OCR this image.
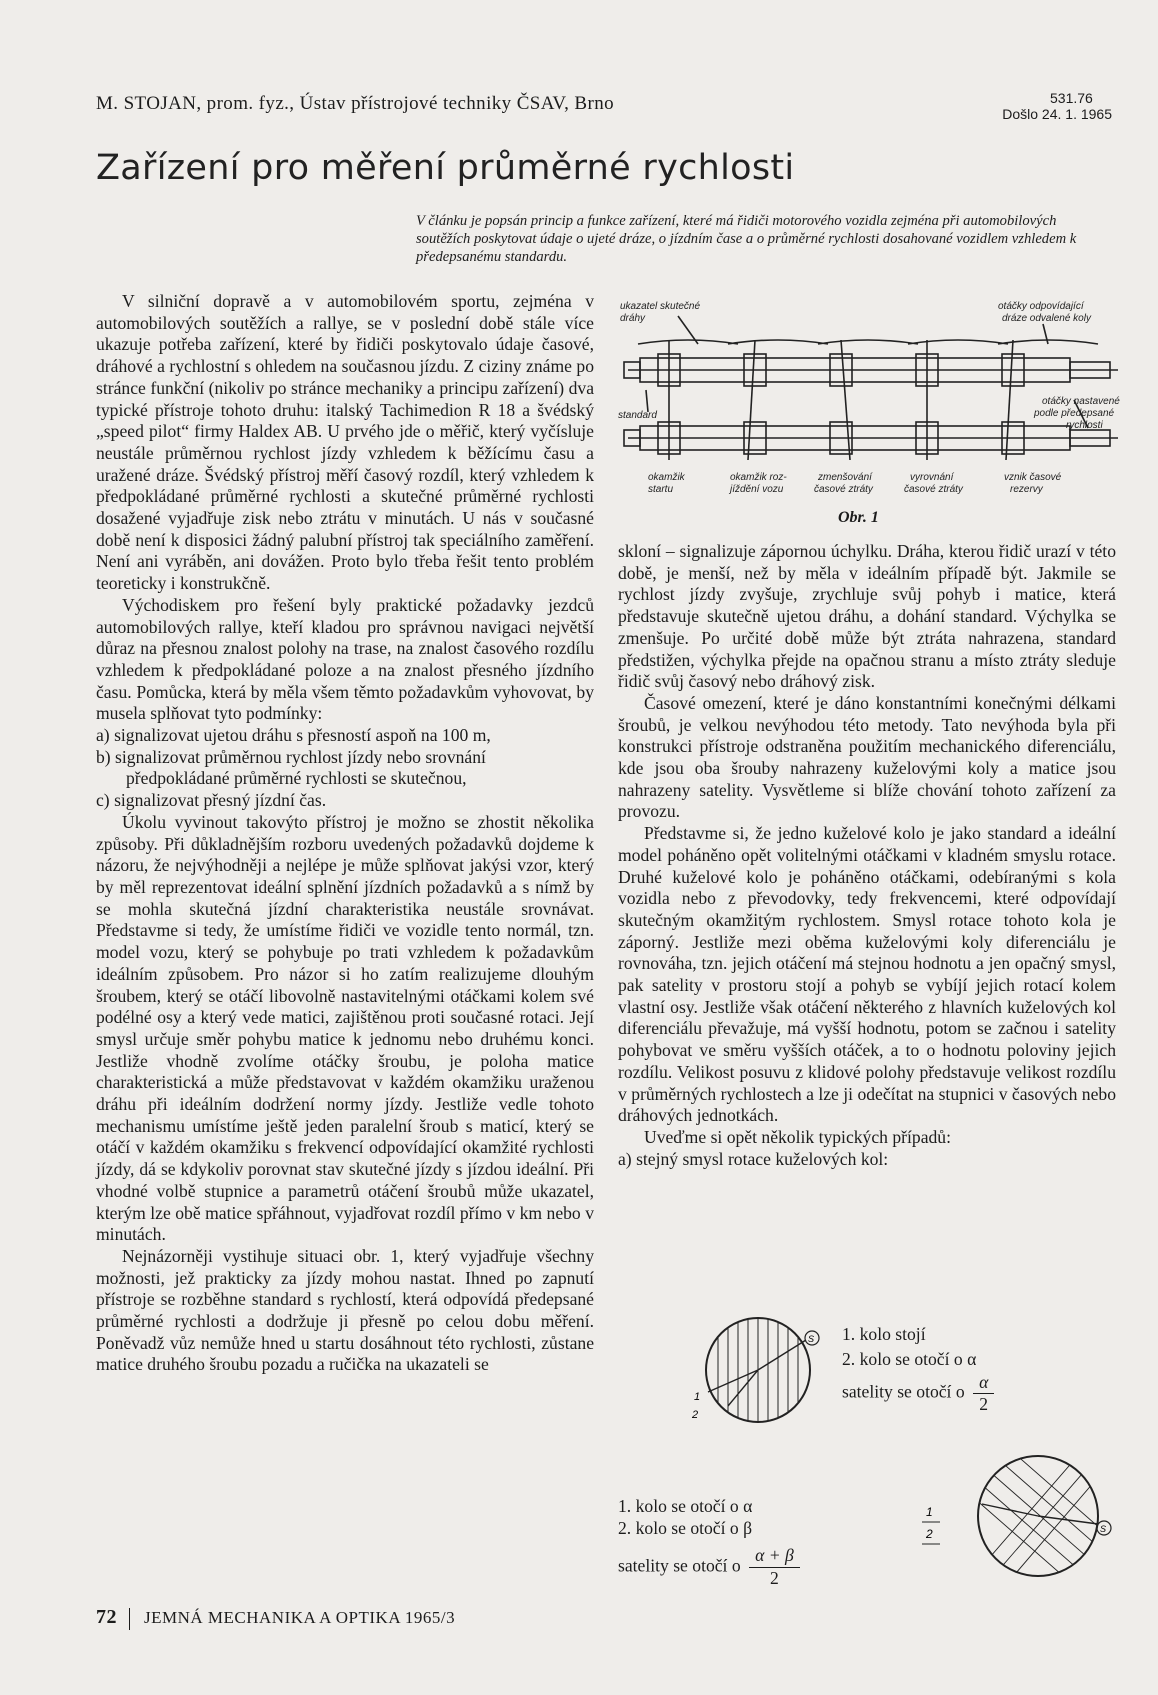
M. STOJAN, prom. fyz., Ústav přístrojové techniky ČSAV, Brno	531.76
Došlo 24. 1. 1965
Zařízení pro měření průměrné rychlosti
V článku je popsán princip a funkce zařízení, které má řidiči motorového vozidla zejména při automobilových soutěžích poskytovat údaje o ujeté dráze, o jízdním čase a o průměrné rychlosti dosahované vozidlem vzhledem k předepsanému standardu.

V silniční dopravě a v automobilovém sportu, zejména v automobilových soutěžích a rallye, se v poslední době stále více ukazuje potřeba zařízení, které by řidiči poskytovalo údaje časové, dráhové a rychlostní s ohledem na současnou jízdu. Z ciziny známe po stránce funkční (nikoliv po stránce mechaniky a principu zařízení) dva typické přístroje tohoto druhu: italský Tachimedion R 18 a švédský „speed pilot“ firmy Haldex AB. U prvého jde o měřič, který vyčísluje neustále průměrnou rychlost jízdy vzhledem k běžícímu času a uražené dráze. Švédský přístroj měří časový rozdíl, který vzhledem k předpokládané průměrné rychlosti a skutečné průměrné rychlosti dosažené vyjadřuje zisk nebo ztrátu v minutách. U nás v současné době není k disposici žádný palubní přístroj tak speciálního zaměření. Není ani vyráběn, ani dovážen. Proto bylo třeba řešit tento problém teoreticky i konstrukčně.

Východiskem pro řešení byly praktické požadavky jezdců automobilových rallye, kteří kladou pro správnou navigaci největší důraz na přesnou znalost polohy na trase, na znalost časového rozdílu vzhledem k předpokládané poloze a na znalost přesného jízdního času. Pomůcka, která by měla všem těmto požadavkům vyhovovat, by musela splňovat tyto podmínky:

a) signalizovat ujetou dráhu s přesností aspoň na 100 m,

b) signalizovat průměrnou rychlost jízdy nebo srovnání

předpokládané průměrné rychlosti se skutečnou,

c) signalizovat přesný jízdní čas.

Úkolu vyvinout takovýto přístroj je možno se zhostit několika způsoby. Při důkladnějším rozboru uvedených požadavků dojdeme k názoru, že nejvýhodněji a nejlépe je může splňovat jakýsi vzor, který by měl reprezentovat ideální splnění jízdních požadavků a s nímž by se mohla skutečná jízdní charakteristika neustále srovnávat. Představme si tedy, že umístíme řidiči ve vozidle tento normál, tzn. model vozu, který se pohybuje po trati vzhledem k požadavkům ideálním způsobem. Pro názor si ho zatím realizujeme dlouhým šroubem, který se otáčí libovolně nastavitelnými otáčkami kolem své podélné osy a který vede matici, zajištěnou proti současné rotaci. Její smysl určuje směr pohybu matice k jednomu nebo druhému konci. Jestliže vhodně zvolíme otáčky šroubu, je poloha matice charakteristická a může představovat v každém okamžiku uraženou dráhu při ideálním dodržení normy jízdy. Jestliže vedle tohoto mechanismu umístíme ještě jeden paralelní šroub s maticí, který se otáčí v každém okamžiku s frekvencí odpovídající okamžité rychlosti jízdy, dá se kdykoliv porovnat stav skutečné jízdy s jízdou ideální. Při vhodné volbě stupnice a parametrů otáčení šroubů může ukazatel, kterým lze obě matice spřáhnout, vyjadřovat rozdíl přímo v km nebo v minutách.

Nejnázorněji vystihuje situaci obr. 1, který vyjadřuje všechny možnosti, jež prakticky za jízdy mohou nastat. Ihned po zapnutí přístroje se rozběhne standard s rychlostí, která odpovídá předepsané průměrné rychlosti a dodržuje ji přesně po celou dobu měření. Poněvadž vůz nemůže hned u startu dosáhnout této rychlosti, zůstane matice druhého šroubu pozadu a ručička na ukazateli se

ukazatel skutečné
dráhy
otáčky odpovídající
dráze odvalené koly
standard
otáčky nastavené
podle předepsané
rychlosti
okamžik
startu
okamžik roz-
jíždění vozu
zmenšování
časové ztráty
vyrovnání
časové ztráty
vznik časové
rezervy
Obr. 1

skloní – signalizuje zápornou úchylku. Dráha, kterou řidič urazí v této době, je menší, než by měla v ideálním případě být. Jakmile se rychlost jízdy zvyšuje, zrychluje svůj pohyb i matice, která představuje skutečně ujetou dráhu, a dohání standard. Výchylka se zmenšuje. Po určité době může být ztráta nahrazena, standard předstižen, výchylka přejde na opačnou stranu a místo ztráty sleduje řidič svůj časový nebo dráhový zisk.

Časové omezení, které je dáno konstantními konečnými délkami šroubů, je velkou nevýhodou této metody. Tato nevýhoda byla při konstrukci přístroje odstraněna použitím mechanického diferenciálu, kde jsou oba šrouby nahrazeny kuželovými koly a matice jsou nahrazeny satelity. Vysvětleme si blíže chování tohoto zařízení za provozu.

Představme si, že jedno kuželové kolo je jako standard a ideální model poháněno opět volitelnými otáčkami v kladném smyslu rotace. Druhé kuželové kolo je poháněno otáčkami, odebíranými s kola vozidla nebo z převodovky, tedy frekvencemi, které odpovídají skutečným okamžitým rychlostem. Smysl rotace tohoto kola je záporný. Jestliže mezi oběma kuželovými koly diferenciálu je rovnováha, tzn. jejich otáčení má stejnou hodnotu a jen opačný smysl, pak satelity v prostoru stojí a pohyb se vybíjí jejich rotací kolem vlastní osy. Jestliže však otáčení některého z hlavních kuželových kol diferenciálu převažuje, má vyšší hodnotu, potom se začnou i satelity pohybovat ve směru vyšších otáček, a to o hodnotu poloviny jejich rozdílu. Velikost posuvu z klidové polohy představuje velikost rozdílu v průměrných rychlostech a lze ji odečítat na stupnici v časových nebo dráhových jednotkách.

Uveďme si opět několik typických případů:

a) stejný smysl rotace kuželových kol:

S
1
2
1. kolo stojí
2. kolo se otočí o α
satelity se otočí o $\frac{\alpha}{2}$

1. kolo se otočí o α

2. kolo se otočí o β

satelity se otočí o $\frac{\alpha + \beta}{2}$

S
1
2
72 JEMNÁ MECHANIKA A OPTIKA 1965/3
